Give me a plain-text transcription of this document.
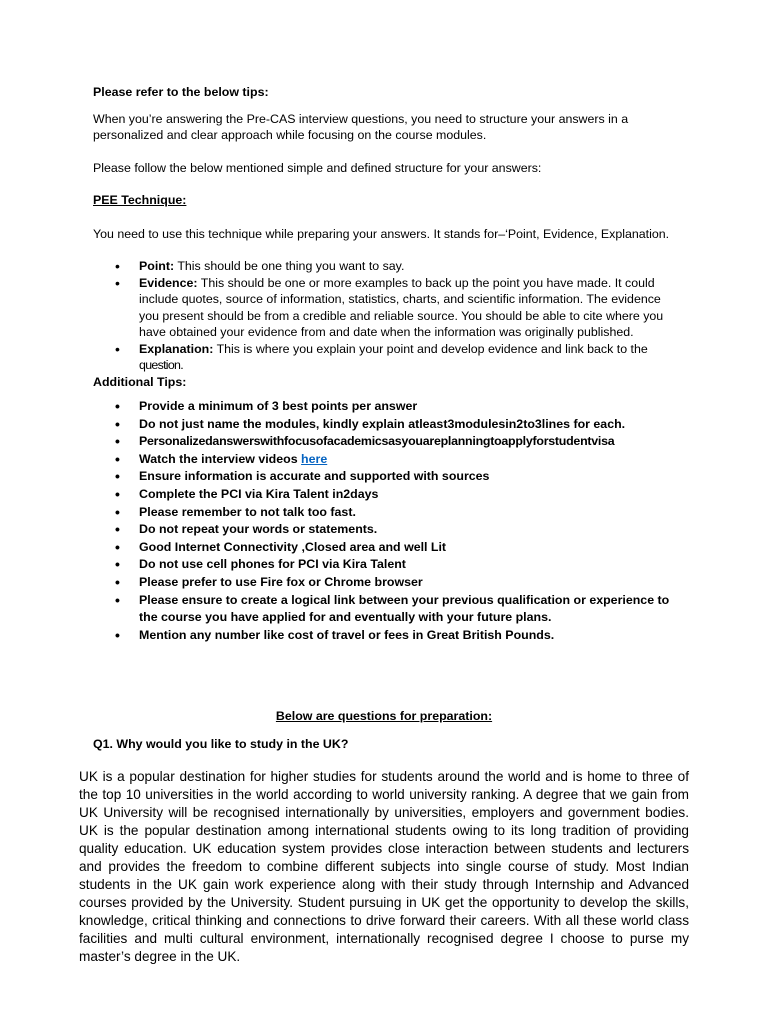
Please refer to the below tips:

When you’re answering the Pre-CAS interview questions, you need to structure your answers in a personalized and clear approach while focusing on the course modules.

Please follow the below mentioned simple and defined structure for your answers:

PEE Technique:

You need to use this technique while preparing your answers. It stands for–‘Point, Evidence, Explanation.

• Point: This should be one thing you want to say.
• Evidence: This should be one or more examples to back up the point you have made. It could include quotes, source of information, statistics, charts, and scientific information. The evidence you present should be from a credible and reliable source. You should be able to cite where you have obtained your evidence from and date when the information was originally published.
• Explanation: This is where you explain your point and develop evidence and link back to the question.

Additional Tips:

• Provide a minimum of 3 best points per answer
• Do not just name the modules, kindly explain atleast3modulesin2to3lines for each.
• Personalizedanswerswithfocusofacademicsasyouareplanningtoapplyforstudentvisa
• Watch the interview videos here
• Ensure information is accurate and supported with sources
• Complete the PCI via Kira Talent in2days
• Please remember to not talk too fast.
• Do not repeat your words or statements.
• Good Internet Connectivity ,Closed area and well Lit
• Do not use cell phones for PCI via Kira Talent
• Please prefer to use Fire fox or Chrome browser
• Please ensure to create a logical link between your previous qualification or experience to the course you have applied for and eventually with your future plans.
• Mention any number like cost of travel or fees in Great British Pounds.

Below are questions for preparation:

Q1. Why would you like to study in the UK?

UK is a popular destination for higher studies for students around the world and is home to three of the top 10 universities in the world according to world university ranking. A degree that we gain from UK University will be recognised internationally by universities, employers and government bodies. UK is the popular destination among international students owing to its long tradition of providing quality education. UK education system provides close interaction between students and lecturers and provides the freedom to combine different subjects into single course of study. Most Indian students in the UK gain work experience along with their study through Internship and Advanced courses provided by the University. Student pursuing in UK get the opportunity to develop the skills, knowledge, critical thinking and connections to drive forward their careers. With all these world class facilities and multi cultural environment, internationally recognised degree I choose to purse my master’s degree in the UK.
